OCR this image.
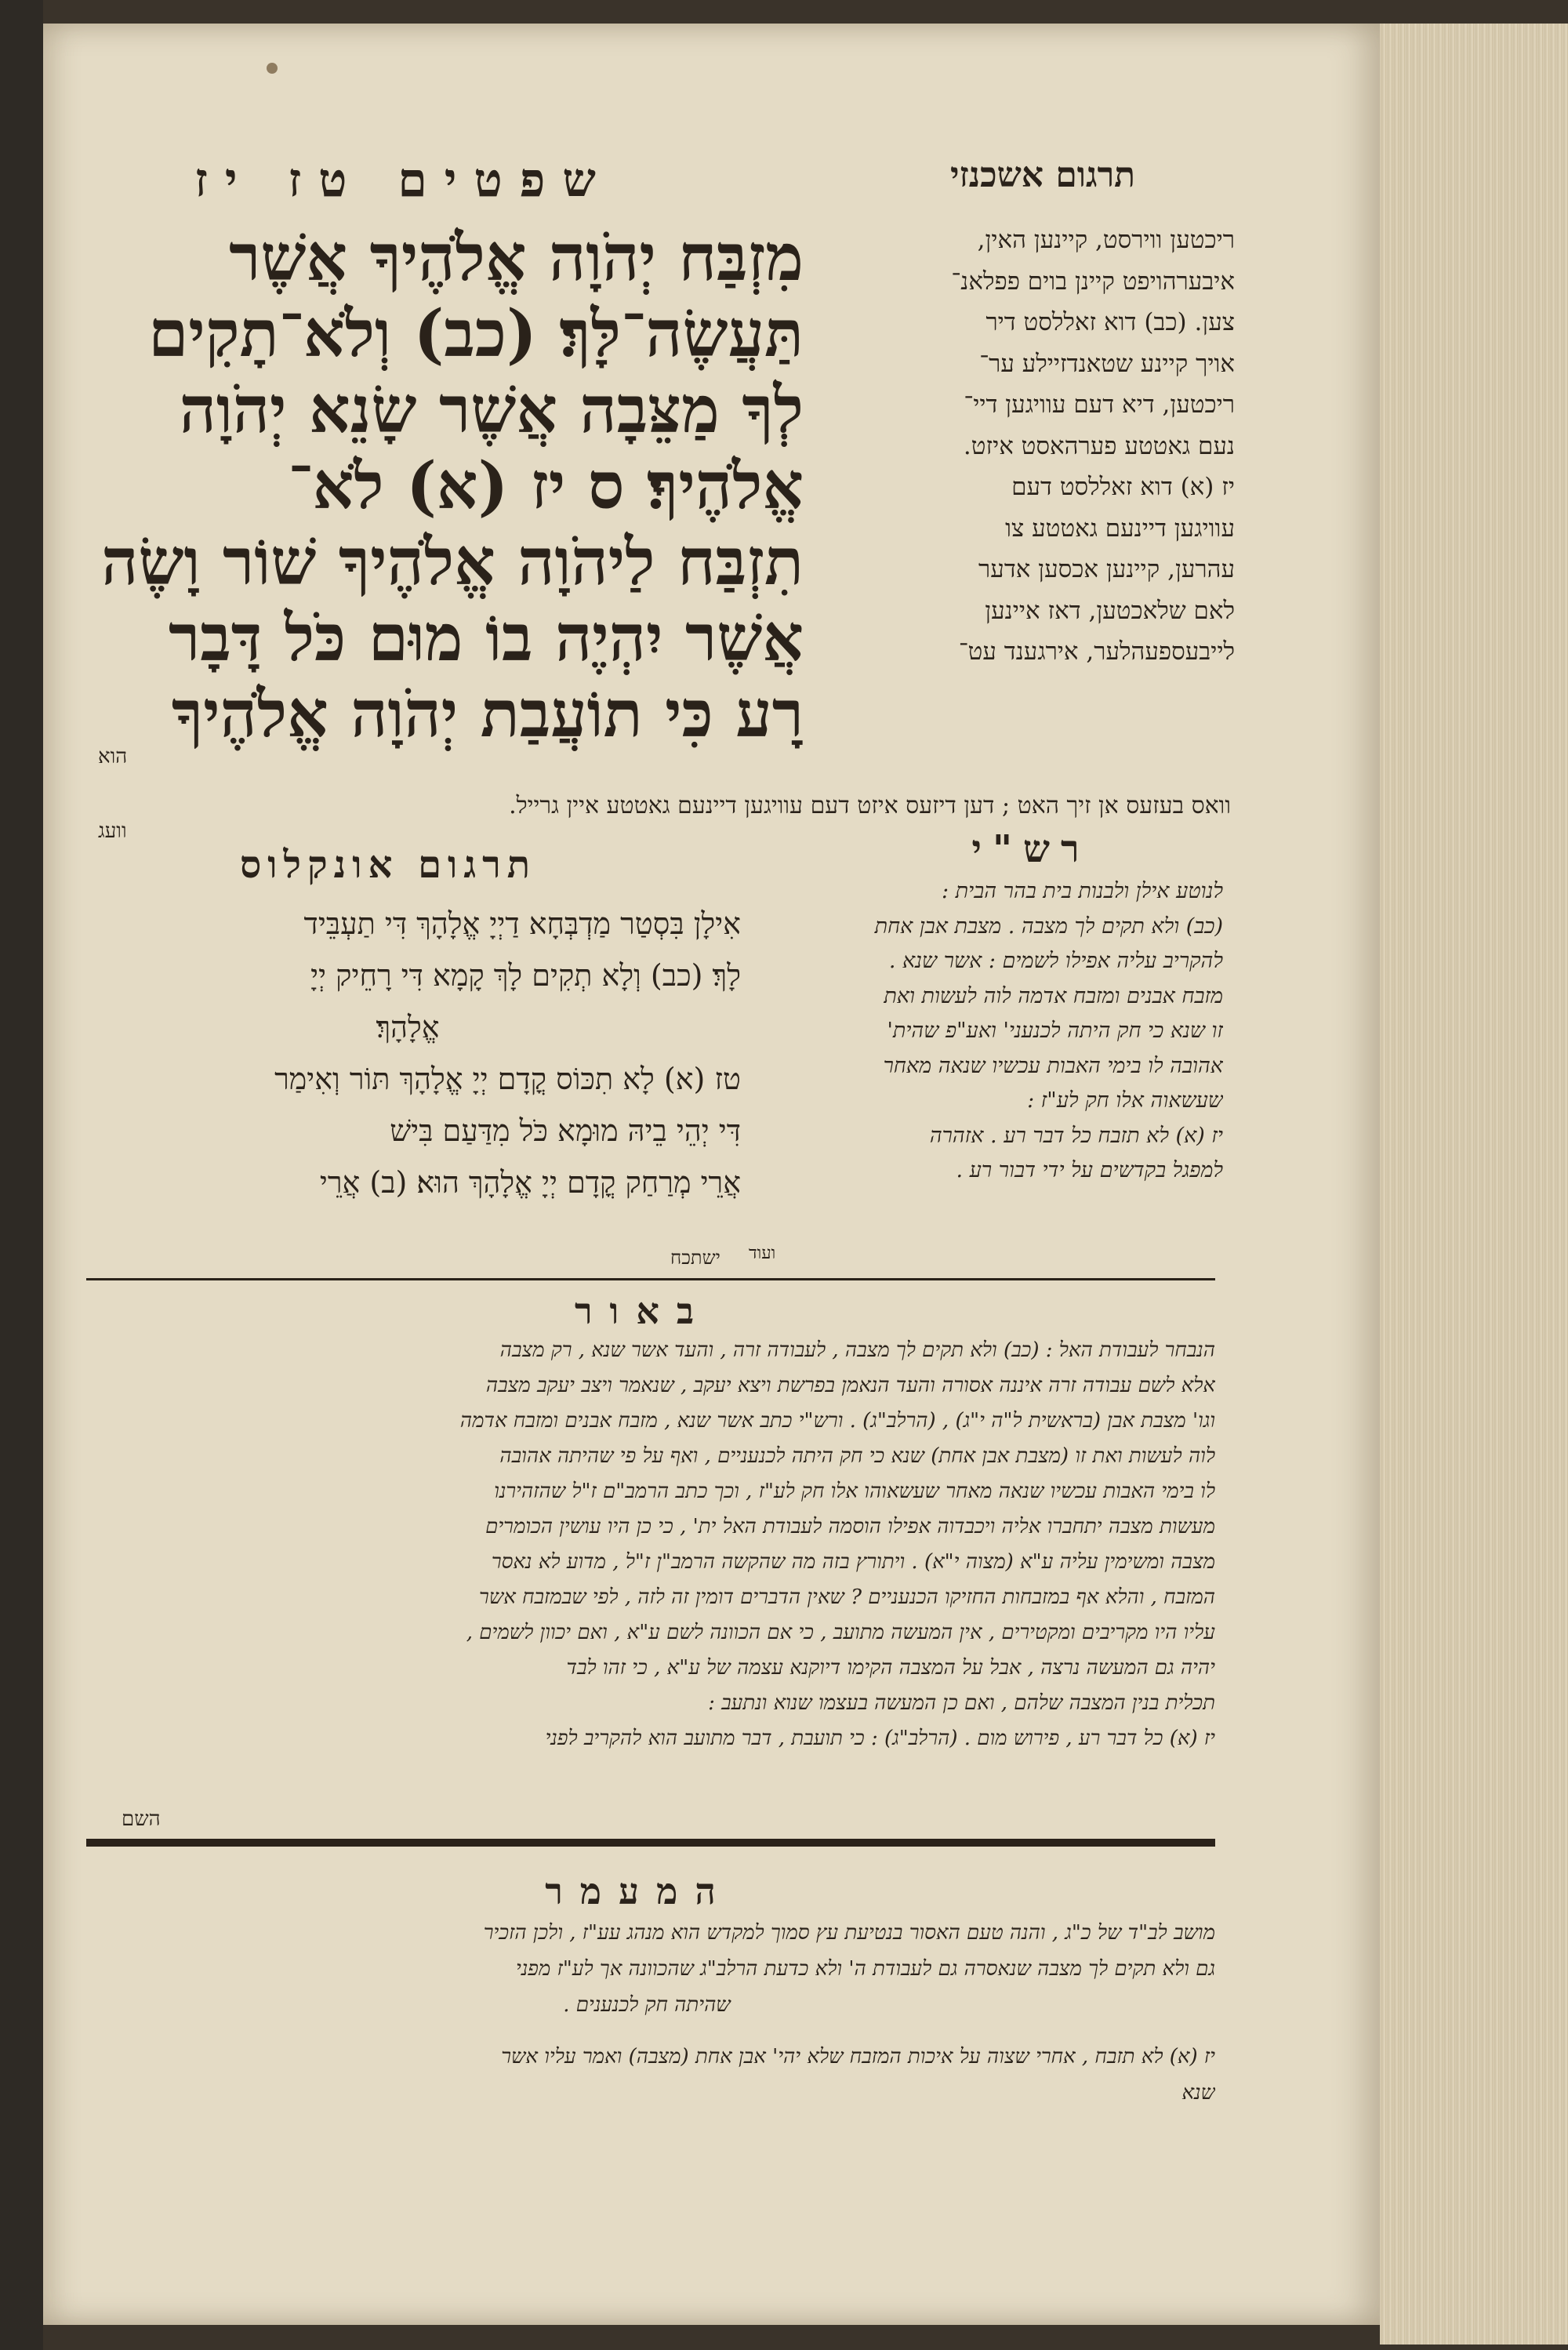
שפטים טז יז	תרגום אשכנזי
מִזְבַּח יְהֹוָה אֱלֹהֶיךָ אֲשֶׁר
תַּעֲשֶׂה־לָּךְ׃ (כב) וְלֹא־תָקִים
לְךָ מַצֵּבָה אֲשֶׁר שָׂנֵא יְהֹוָה
אֱלֹהֶיךָ׃ ס יז (א) לֹא־
תִזְבַּח לַיהֹוָה אֱלֹהֶיךָ שׁוֹר וָשֶׂה
אֲשֶׁר יִהְיֶה בוֹ מוּם כֹּל דָּבָר
רָע כִּי תוֹעֲבַת יְהֹוָה אֱלֹהֶיךָ
ריכטען ווירסט, קיינען האין,
איבערהויפט קיינן בוים פפלאנ־
צען. (כב) דוא זאללסט דיר
אויך קיינע שטאנדזיילע ער־
ריכטען, דיא דעם עוויגען דיי־
נעם גאטטע פערהאסט איזט.
יז (א) דוא זאללסט דעם
עוויגען דיינעם גאטטע צו
עהרען, קיינען אכסען אדער
לאם שלאכטען, דאז איינען
לייבעספעהלער, אירגענד עט־
הוא
וואס בעזעס אן זיך האט ; דען דיזעס איזט דעם עוויגען דיינעם גאטטע איין גרייל.
וועג	רש"י
תרגום אונקלוס
לנוטע אילן ולבנות בית בהר הבית :
(כב) ולא תקים לך מצבה . מצבת אבן אחת
להקריב עליה אפילו לשמים : אשר שנא .
מזבח אבנים ומזבח אדמה לוה לעשות ואת
זו שנא כי חק היתה לכנעני' ואע"פ שהית'
אהובה לו בימי האבות עכשיו שנאה מאחר
שעשאוה אלו חק לע"ז :
יז (א) לא תזבח כל דבר רע . אזהרה
למפגל בקדשים על ידי דבור רע .
ועוד
אִילָן בִּסְטַר מַדְבְּחָא דַיְיָ אֱלָהָךְ דִּי תַעְבֵּיד
לָךְ׃ (כב) וְלָא תְקִים לָךְ קָמָא דִּי רָחֵיק יְיָ
אֱלָהָךְ׃
טז (א) לָא תִכּוֹס קֳדָם יְיָ אֱלָהָךְ תּוֹר וְאִימַר
דִּי יְהֵי בֵיהּ מוּמָא כֹּל מִדַּעַם בִּישׁ
אֲרֵי מְרַחַק קֳדָם יְיָ אֱלָהָךְ הוּא׃ (ב) אֲרֵי
ישתכח
באור
הנבחר לעבודת האל : (כב) ולא תקים לך מצבה , לעבודה זרה , והעד אשר שנא , רק מצבה
אלא לשם עבודה זרה איננה אסורה והעד הנאמן בפרשת ויצא יעקב , שנאמר ויצב יעקב מצבה
וגו' מצבת אבן (בראשית ל"ה י"ג) , (הרלב"ג) . ורש"י כתב אשר שנא , מזבח אבנים ומזבח אדמה
לוה לעשות ואת זו (מצבת אבן אחת) שנא כי חק היתה לכנעניים , ואף על פי שהיתה אהובה
לו בימי האבות עכשיו שנאה מאחר שעשאוהו אלו חק לע"ז , וכך כתב הרמב"ם ז"ל שהזהירנו
מעשות מצבה יתחברו אליה ויכבדוה אפילו הוסמה לעבודת האל ית' , כי כן היו עושין הכומרים
מצבה ומשימין עליה ע"א (מצוה י"א) . ויתורץ בזה מה שהקשה הרמב"ן ז"ל , מדוע לא נאסר
המזבח , והלא אף במזבחות החזיקו הכנעניים ? שאין הדברים דומין זה לזה , לפי שבמזבח אשר
עליו היו מקריבים ומקטירים , אין המעשה מתועב , כי אם הכוונה לשם ע"א , ואם יכוון לשמים ,
יהיה גם המעשה נרצה , אבל על המצבה הקימו דיוקנא עצמה של ע"א , כי זהו לבד
תכלית בנין המצבה שלהם , ואם כן המעשה בעצמו שנוא ונתעב :
יז (א) כל דבר רע , פירוש מום . (הרלב"ג) : כי תועבת , דבר מתועב הוא להקריב לפני
השם
המעמר
מושב לב"ד של כ"ג , והנה טעם האסור בנטיעת עץ סמוך למקדש הוא מנהג עע"ז , ולכן הזכיר
גם ולא תקים לך מצבה שנאסרה גם לעבודת ה' ולא כדעת הרלב"ג שהכוונה אך לע"ז מפני
שהיתה חק לכנענים .
יז (א) לא תזבח , אחרי שצוה על איכות המזבח שלא יהי' אבן אחת (מצבה) ואמר עליו אשר
שנא
